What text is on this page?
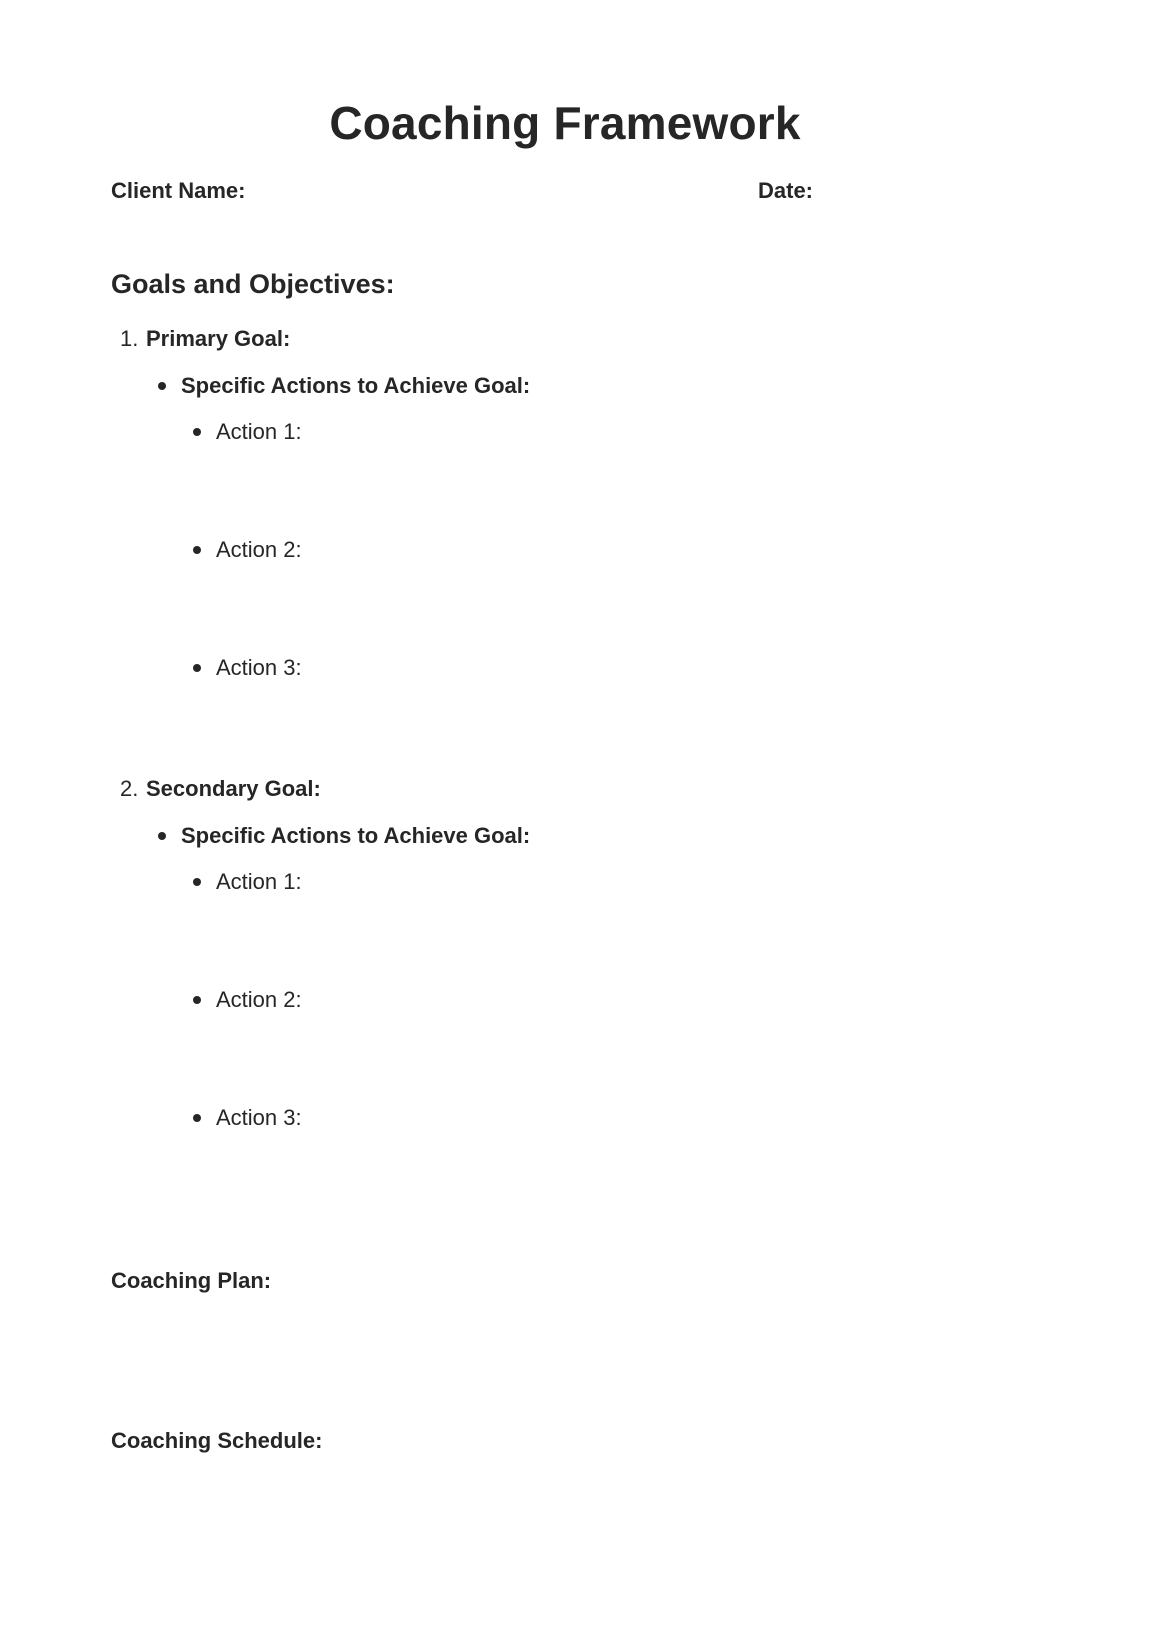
Coaching Framework
Client Name:	Date:
Goals and Objectives:
1. Primary Goal:
Specific Actions to Achieve Goal:
Action 1:
Action 2:
Action 3:
2. Secondary Goal:
Specific Actions to Achieve Goal:
Action 1:
Action 2:
Action 3:
Coaching Plan:
Coaching Schedule:
